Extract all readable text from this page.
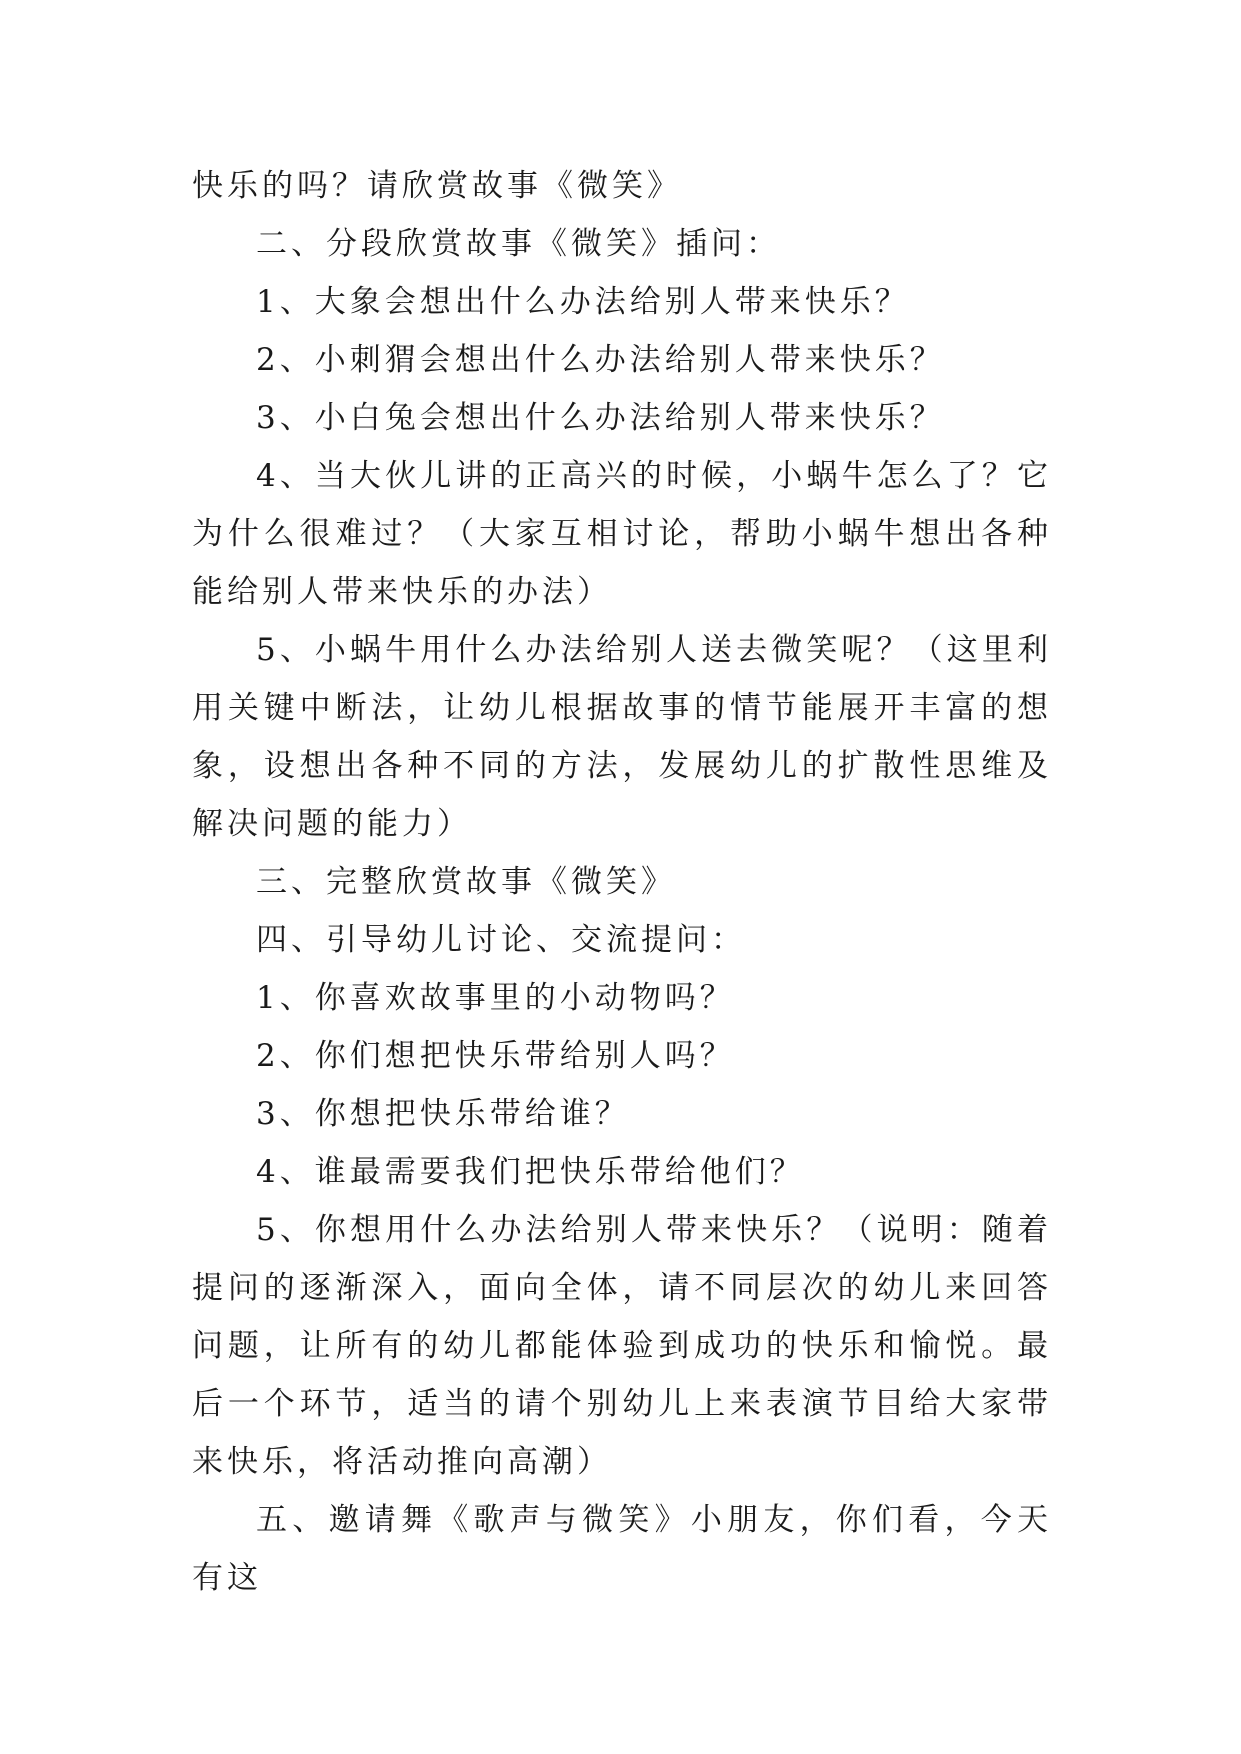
快乐的吗？请欣赏故事《微笑》

二、分段欣赏故事《微笑》插问：

1、大象会想出什么办法给别人带来快乐？

2、小刺猬会想出什么办法给别人带来快乐？

3、小白兔会想出什么办法给别人带来快乐？

4、当大伙儿讲的正高兴的时候，小蜗牛怎么了？它为什么很难过？（大家互相讨论，帮助小蜗牛想出各种能给别人带来快乐的办法）

5、小蜗牛用什么办法给别人送去微笑呢？（这里利用关键中断法，让幼儿根据故事的情节能展开丰富的想象，设想出各种不同的方法，发展幼儿的扩散性思维及解决问题的能力）

三、完整欣赏故事《微笑》

四、引导幼儿讨论、交流提问：

1、你喜欢故事里的小动物吗？

2、你们想把快乐带给别人吗？

3、你想把快乐带给谁？

4、谁最需要我们把快乐带给他们？

5、你想用什么办法给别人带来快乐？（说明：随着提问的逐渐深入，面向全体，请不同层次的幼儿来回答问题，让所有的幼儿都能体验到成功的快乐和愉悦。最后一个环节，适当的请个别幼儿上来表演节目给大家带来快乐，将活动推向高潮）

五、邀请舞《歌声与微笑》小朋友，你们看，今天有这
